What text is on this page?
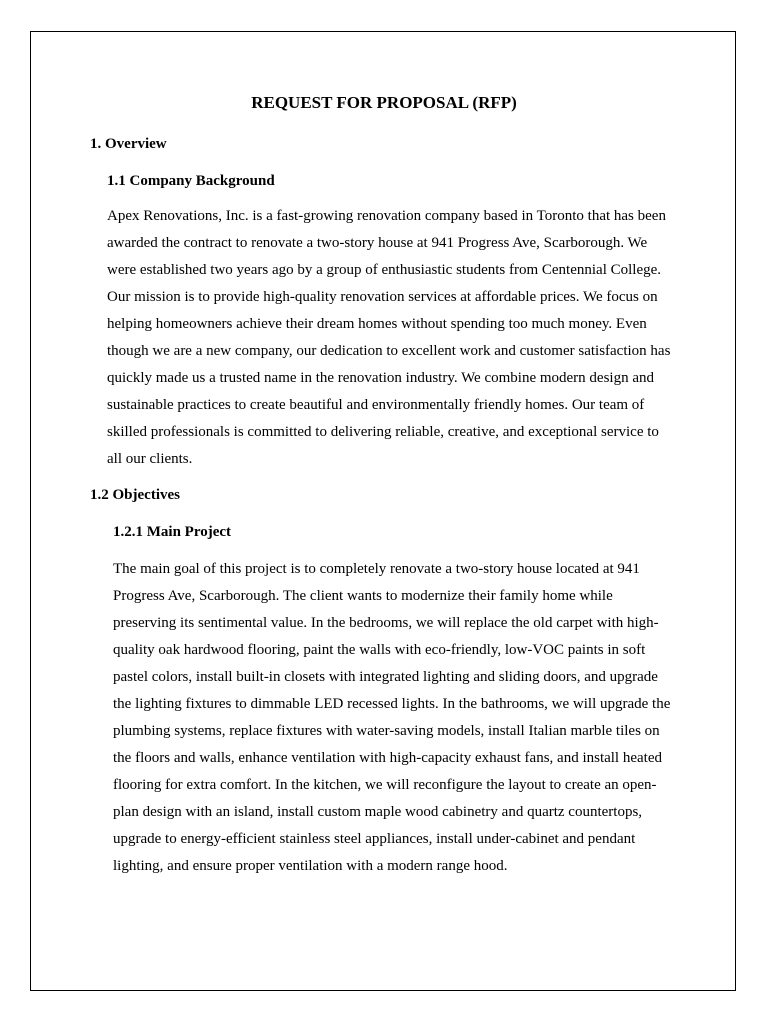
REQUEST FOR PROPOSAL (RFP)
1. Overview
1.1 Company Background
Apex Renovations, Inc. is a fast-growing renovation company based in Toronto that has been
awarded the contract to renovate a two-story house at 941 Progress Ave, Scarborough. We
were established two years ago by a group of enthusiastic students from Centennial College.
Our mission is to provide high-quality renovation services at affordable prices. We focus on
helping homeowners achieve their dream homes without spending too much money. Even
though we are a new company, our dedication to excellent work and customer satisfaction has
quickly made us a trusted name in the renovation industry. We combine modern design and
sustainable practices to create beautiful and environmentally friendly homes. Our team of
skilled professionals is committed to delivering reliable, creative, and exceptional service to
all our clients.
1.2 Objectives
1.2.1 Main Project
The main goal of this project is to completely renovate a two-story house located at 941
Progress Ave, Scarborough. The client wants to modernize their family home while
preserving its sentimental value. In the bedrooms, we will replace the old carpet with high-
quality oak hardwood flooring, paint the walls with eco-friendly, low-VOC paints in soft
pastel colors, install built-in closets with integrated lighting and sliding doors, and upgrade
the lighting fixtures to dimmable LED recessed lights. In the bathrooms, we will upgrade the
plumbing systems, replace fixtures with water-saving models, install Italian marble tiles on
the floors and walls, enhance ventilation with high-capacity exhaust fans, and install heated
flooring for extra comfort. In the kitchen, we will reconfigure the layout to create an open-
plan design with an island, install custom maple wood cabinetry and quartz countertops,
upgrade to energy-efficient stainless steel appliances, install under-cabinet and pendant
lighting, and ensure proper ventilation with a modern range hood.
